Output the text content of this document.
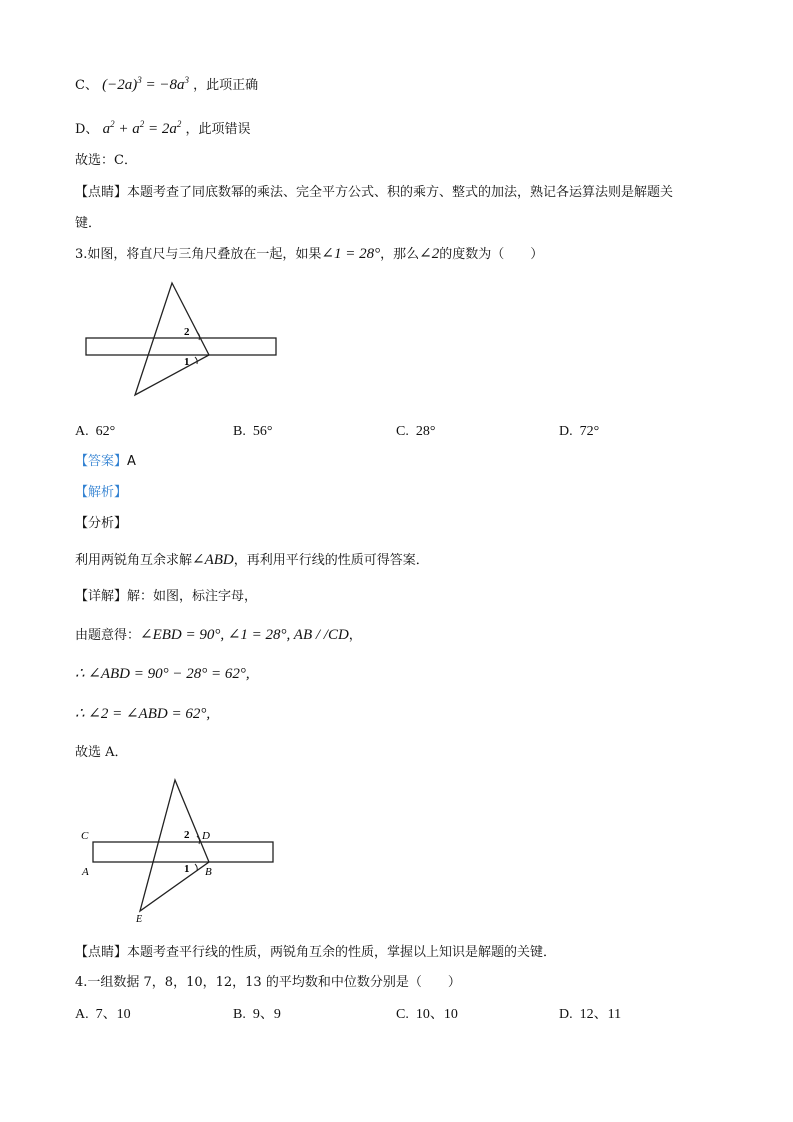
C、 $(-2a)^3 = -8a^3$ ，此项正确
D、 $a^2 + a^2 = 2a^2$ ，此项错误
故选：C．
【点睛】本题考查了同底数幂的乘法、完全平方公式、积的乘方、整式的加法，熟记各运算法则是解题关
键．
3.如图，将直尺与三角尺叠放在一起，如果∠1 = 28°，那么∠2的度数为（　　）
2
1
A. 62°	B. 56°	C. 28°	D. 72°
【答案】A
【解析】
【分析】
利用两锐角互余求解∠ABD，再利用平行线的性质可得答案．
【详解】解：如图，标注字母，
由题意得：∠EBD = 90°, ∠1 = 28°, AB / /CD，
∴ ∠ABD = 90° − 28° = 62°,
∴ ∠2 = ∠ABD = 62°,
故选 A．
2
1
C	D
A	B
E
【点睛】本题考查平行线的性质，两锐角互余的性质，掌握以上知识是解题的关键．
4.一组数据 7，8，10，12，13 的平均数和中位数分别是（　　）
A. 7、10	B. 9、9	C. 10、10	D. 12、11
